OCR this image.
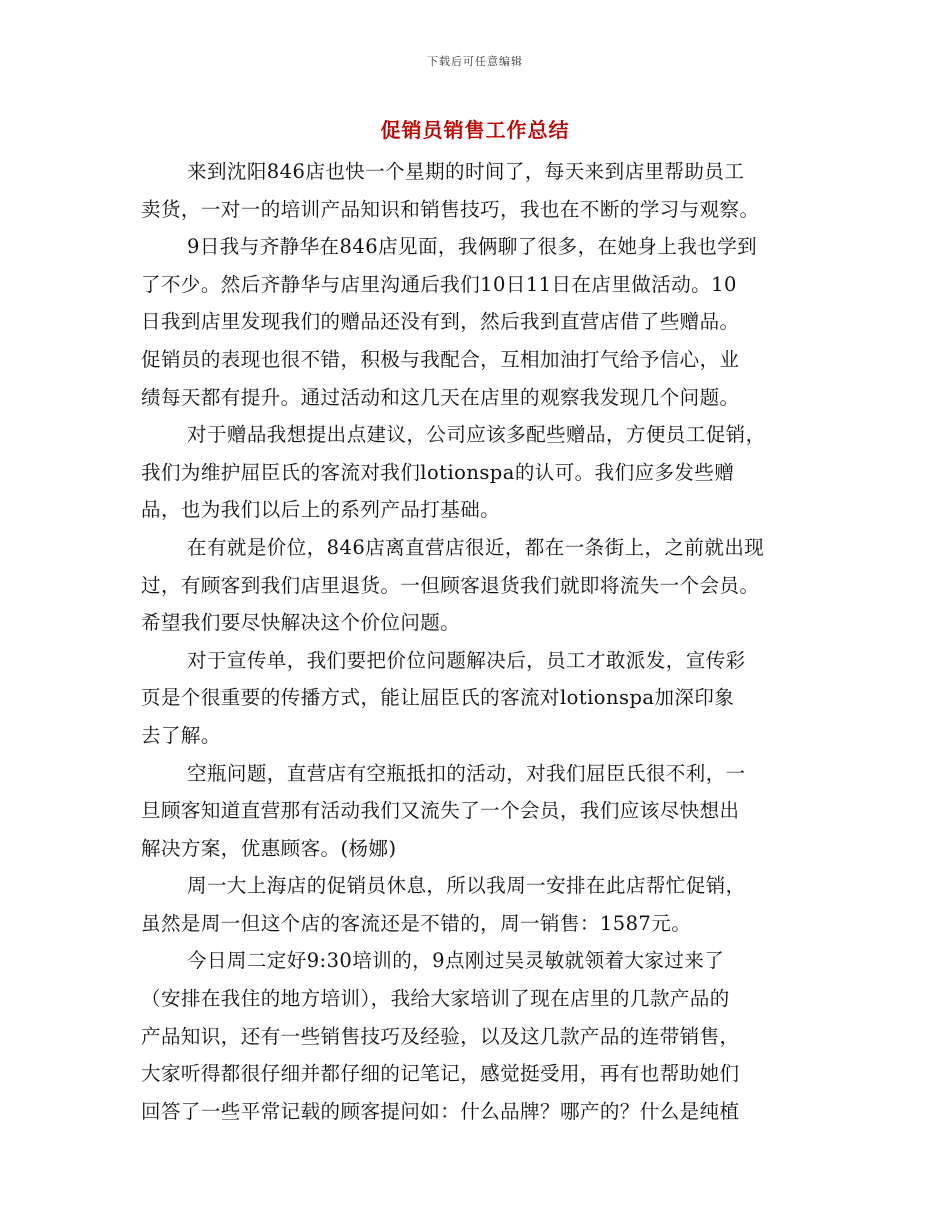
下载后可任意编辑
促销员销售工作总结
来到沈阳846店也快一个星期的时间了，每天来到店里帮助员工
卖货，一对一的培训产品知识和销售技巧，我也在不断的学习与观察。
9日我与齐静华在846店见面，我俩聊了很多，在她身上我也学到
了不少。然后齐静华与店里沟通后我们10日11日在店里做活动。10
日我到店里发现我们的赠品还没有到，然后我到直营店借了些赠品。
促销员的表现也很不错，积极与我配合，互相加油打气给予信心，业
绩每天都有提升。通过活动和这几天在店里的观察我发现几个问题。
对于赠品我想提出点建议，公司应该多配些赠品，方便员工促销，
我们为维护屈臣氏的客流对我们lotionspa的认可。我们应多发些赠
品，也为我们以后上的系列产品打基础。
在有就是价位，846店离直营店很近，都在一条街上，之前就出现
过，有顾客到我们店里退货。一但顾客退货我们就即将流失一个会员。
希望我们要尽快解决这个价位问题。
对于宣传单，我们要把价位问题解决后，员工才敢派发，宣传彩
页是个很重要的传播方式，能让屈臣氏的客流对lotionspa加深印象
去了解。
空瓶问题，直营店有空瓶抵扣的活动，对我们屈臣氏很不利，一
旦顾客知道直营那有活动我们又流失了一个会员，我们应该尽快想出
解决方案，优惠顾客。(杨娜)
周一大上海店的促销员休息，所以我周一安排在此店帮忙促销，
虽然是周一但这个店的客流还是不错的，周一销售：1587元。
今日周二定好9:30培训的，9点刚过吴灵敏就领着大家过来了
（安排在我住的地方培训），我给大家培训了现在店里的几款产品的
产品知识，还有一些销售技巧及经验，以及这几款产品的连带销售，
大家听得都很仔细并都仔细的记笔记，感觉挺受用，再有也帮助她们
回答了一些平常记载的顾客提问如：什么品牌？哪产的？什么是纯植
